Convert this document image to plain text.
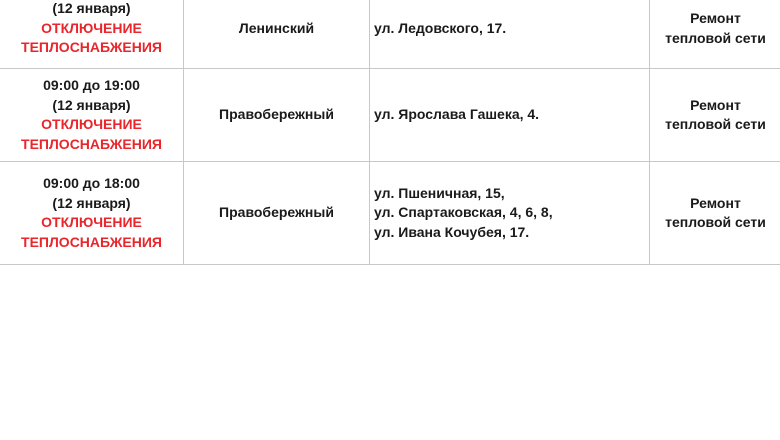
(12 января)
ОТКЛЮЧЕНИЕ
ТЕПЛОСНАБЖЕНИЯ	Ленинский	ул. Ледовского, 17.	Ремонт
тепловой сети

09:00 до 19:00
(12 января)
ОТКЛЮЧЕНИЕ
ТЕПЛОСНАБЖЕНИЯ	Правобережный	ул. Ярослава Гашека, 4.	Ремонт
тепловой сети

09:00 до 18:00
(12 января)
ОТКЛЮЧЕНИЕ
ТЕПЛОСНАБЖЕНИЯ	Правобережный	ул. Пшеничная, 15,
ул. Спартаковская, 4, 6, 8,
ул. Ивана Кочубея, 17.	Ремонт
тепловой сети
